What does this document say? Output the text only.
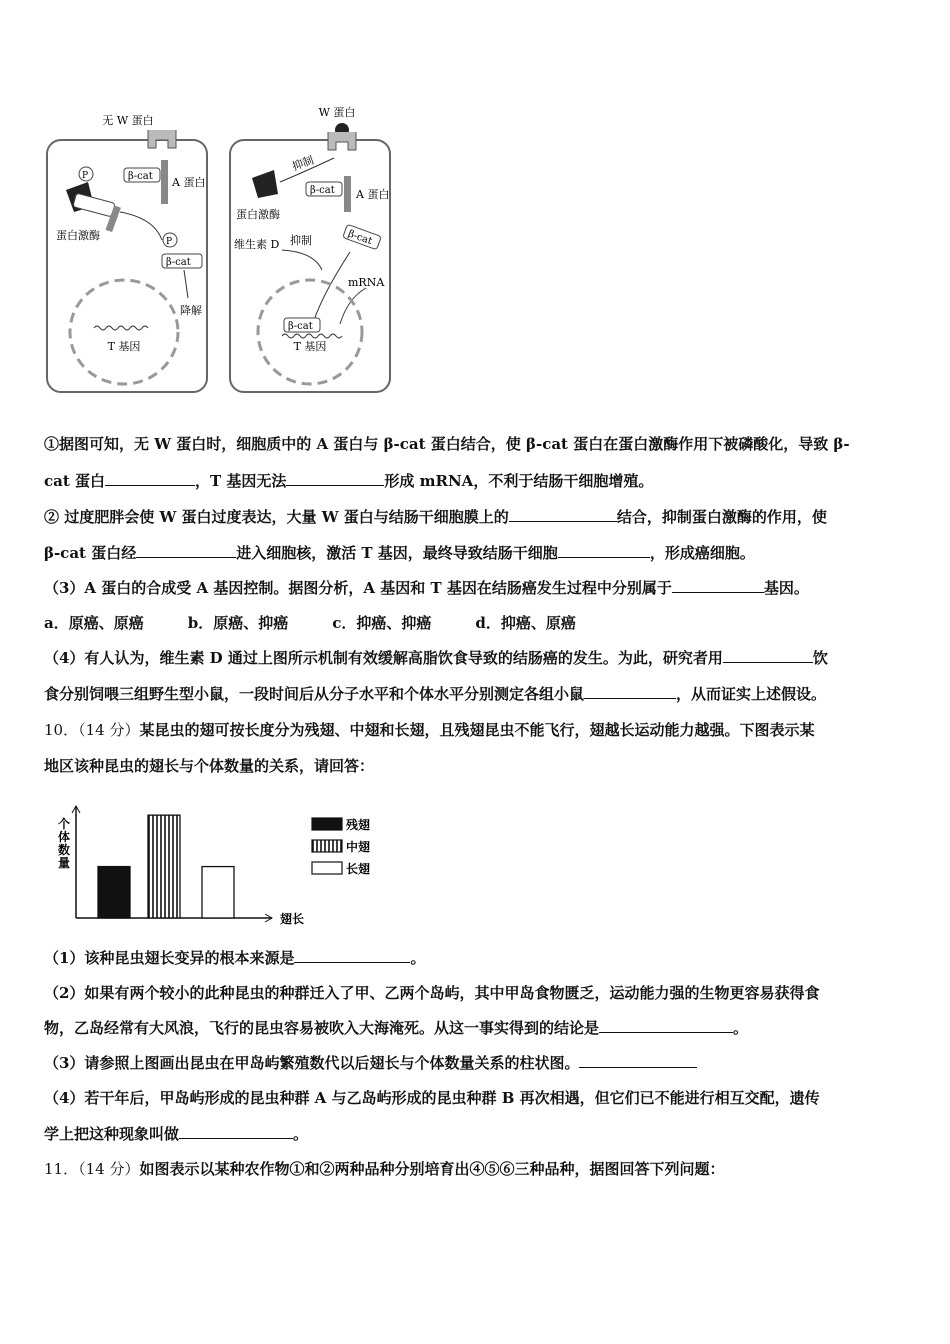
无 W 蛋白
A 蛋白
β-cat
P
蛋白激酶	P
β-cat
降解
T 基因
W 蛋白
抑制
蛋白激酶
β-cat A 蛋白
维生素 D 抑制	β-cat
mRNA
β-cat
T 基因
①据图可知，无 W 蛋白时，细胞质中的 A 蛋白与 β-cat 蛋白结合，使 β-cat 蛋白在蛋白激酶作用下被磷酸化，导致 β-
cat 蛋白	，T 基因无法	形成 mRNA，不利于结肠干细胞增殖。
② 过度肥胖会使 W 蛋白过度表达，大量 W 蛋白与结肠干细胞膜上的	结合，抑制蛋白激酶的作用，使
β-cat 蛋白经	进入细胞核，激活 T 基因，最终导致结肠干细胞	，形成癌细胞。
（3）A 蛋白的合成受 A 基因控制。据图分析，A 基因和 T 基因在结肠癌发生过程中分别属于	基因。
a．原癌、原癌	b．原癌、抑癌	c．抑癌、抑癌	d．抑癌、原癌
（4）有人认为，维生素 D 通过上图所示机制有效缓解高脂饮食导致的结肠癌的发生。为此，研究者用	饮
食分别饲喂三组野生型小鼠，一段时间后从分子水平和个体水平分别测定各组小鼠	，从而证实上述假设。
10．（14 分）某昆虫的翅可按长度分为残翅、中翅和长翅，且残翅昆虫不能飞行，翅越长运动能力越强。下图表示某
地区该种昆虫的翅长与个体数量的关系，请回答：
个
体
数
量
翅长
残翅
中翅
长翅
（1）该种昆虫翅长变异的根本来源是	。
（2）如果有两个较小的此种昆虫的种群迁入了甲、乙两个岛屿，其中甲岛食物匮乏，运动能力强的生物更容易获得食
物，乙岛经常有大风浪，飞行的昆虫容易被吹入大海淹死。从这一事实得到的结论是	。
（3）请参照上图画出昆虫在甲岛屿繁殖数代以后翅长与个体数量关系的柱状图。
（4）若干年后，甲岛屿形成的昆虫种群 A 与乙岛屿形成的昆虫种群 B 再次相遇，但它们已不能进行相互交配，遗传
学上把这种现象叫做	。
11．（14 分）如图表示以某种农作物①和②两种品种分别培育出④⑤⑥三种品种，据图回答下列问题：
